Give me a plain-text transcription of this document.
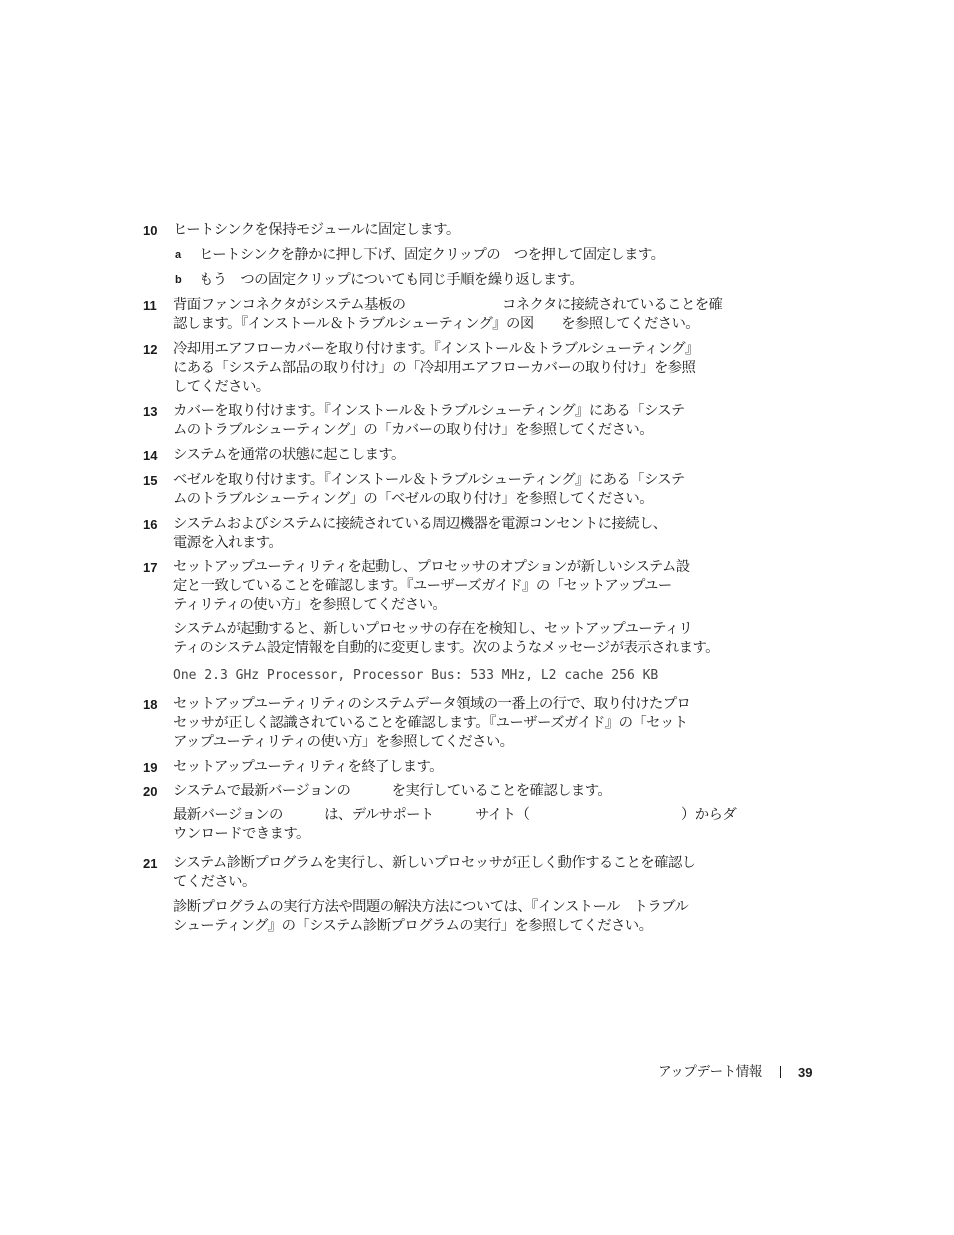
10	ヒートシンクを保持モジュールに固定します。
a	ヒートシンクを静かに押し下げ、固定クリップの　つを押して固定します。
b	もう　つの固定クリップについても同じ手順を繰り返します。
11	背面ファンコネクタがシステム基板の　　　　　　　コネクタに接続されていることを確
認します。『インストール＆トラブルシューティング』の図　　を参照してください。
12	冷却用エアフローカバーを取り付けます。『インストール＆トラブルシューティング』
にある「システム部品の取り付け」の「冷却用エアフローカバーの取り付け」を参照
してください。
13	カバーを取り付けます。『インストール＆トラブルシューティング』にある「システ
ムのトラブルシューティング」の「カバーの取り付け」を参照してください。
14	システムを通常の状態に起こします。
15	ベゼルを取り付けます。『インストール＆トラブルシューティング』にある「システ
ムのトラブルシューティング」の「ベゼルの取り付け」を参照してください。
16	システムおよびシステムに接続されている周辺機器を電源コンセントに接続し、
電源を入れます。
17	セットアップユーティリティを起動し、プロセッサのオプションが新しいシステム設
定と一致していることを確認します。『ユーザーズガイド』の「セットアップユー
ティリティの使い方」を参照してください。
システムが起動すると、新しいプロセッサの存在を検知し、セットアップユーティリ
ティのシステム設定情報を自動的に変更します。次のようなメッセージが表示されます。
One 2.3 GHz Processor, Processor Bus: 533 MHz, L2 cache 256 KB
18	セットアップユーティリティのシステムデータ領域の一番上の行で、取り付けたプロ
セッサが正しく認識されていることを確認します。『ユーザーズガイド』の「セット
アップユーティリティの使い方」を参照してください。
19	セットアップユーティリティを終了します。
20	システムで最新バージョンの　　　を実行していることを確認します。
最新バージョンの　　　は、デルサポート　　　サイト（　　　　　　　　　　　）からダ
ウンロードできます。
21	システム診断プログラムを実行し、新しいプロセッサが正しく動作することを確認し
てください。
診断プログラムの実行方法や問題の解決方法については、『インストール　トラブル
シューティング』の「システム診断プログラムの実行」を参照してください。
アップデート情報	39
